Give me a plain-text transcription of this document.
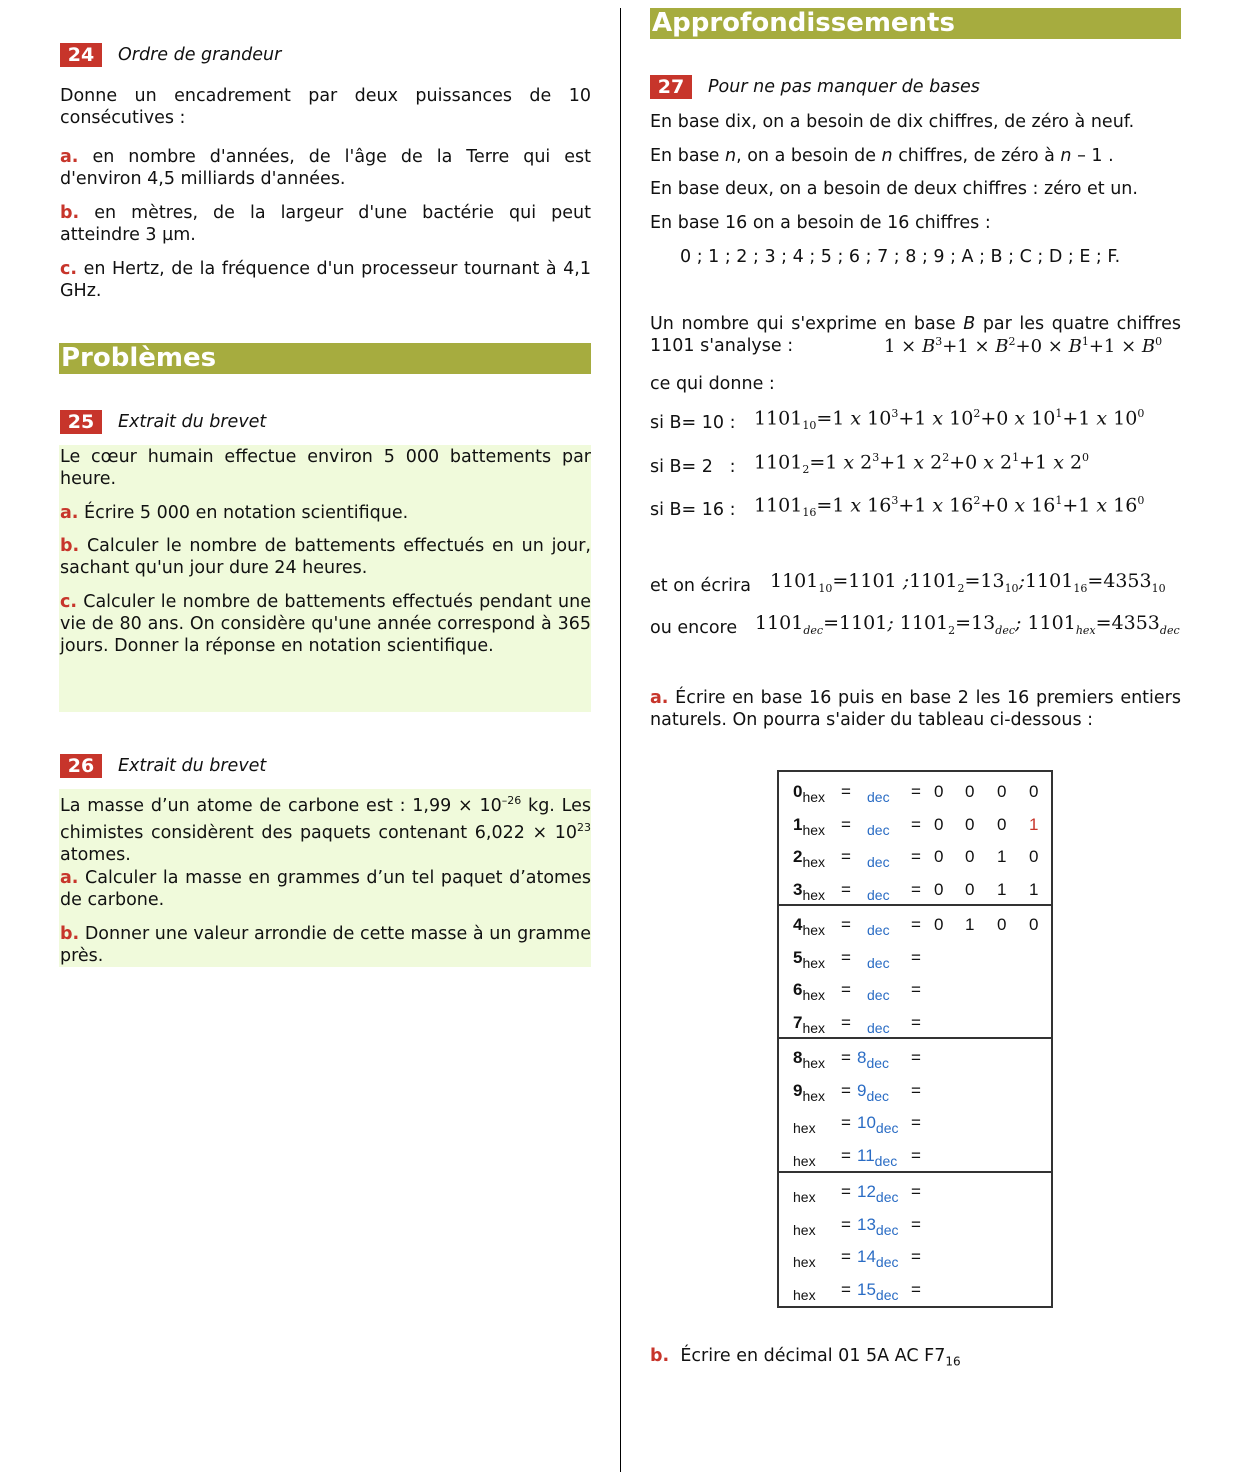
24	Ordre de grandeur
Donne un encadrement par deux puissances de 10 consécutives :
a. en nombre d'années, de l'âge de la Terre qui est d'environ 4,5 milliards d'années.
b. en mètres, de la largeur d'une bactérie qui peut atteindre 3 µm.
c. en Hertz, de la fréquence d'un processeur tournant à 4,1 GHz.
Problèmes
25	Extrait du brevet
Le cœur humain effectue environ 5 000 battements par heure.
a. Écrire 5 000 en notation scientifique.
b. Calculer le nombre de battements effectués en un jour, sachant qu'un jour dure 24 heures.
c. Calculer le nombre de battements effectués pendant une vie de 80 ans. On considère qu'une année correspond à 365 jours. Donner la réponse en notation scientifique.
26	Extrait du brevet
La masse d’un atome de carbone est : $1,99 \times 10^{-26}$ kg. Les chimistes considèrent des paquets contenant $6,022 \times 10^{23}$ atomes.
a. Calculer la masse en grammes d’un tel paquet d’atomes de carbone.
b. Donner une valeur arrondie de cette masse à un gramme près.
Approfondissements
27	Pour ne pas manquer de bases
En base dix, on a besoin de dix chiffres, de zéro à neuf.
En base n, on a besoin de n chiffres, de zéro à n – 1 .
En base deux, on a besoin de deux chiffres : zéro et un.
En base 16 on a besoin de 16 chiffres :
0 ; 1 ; 2 ; 3 ; 4 ; 5 ; 6 ; 7 ; 8 ; 9 ; A ; B ; C ; D ; E ; F.
Un nombre qui s'exprime en base B par les quatre chiffres 1101 s'analyse :	$1 \times B^3+1 \times B^2+0 \times B^1+1 \times B^0$
ce qui donne :
si B= 10 : $1101_{10}=1$ x $10^3+1$ x $10^2+0$ x $10^1+1$ x $10^0$
si B= 2   : $1101_2=1$ x $2^3+1$ x $2^2+0$ x $2^1+1$ x $2^0$
si B= 16 : $1101_{16}=1$ x $16^3+1$ x $16^2+0$ x $16^1+1$ x $16^0$
et on écrira $1101_{10}=1101$ $;1101_2=13_{10};1101_{16}=4353_{10}$
ou encore $1101_{dec}=1101$; $1101_2=13_{dec}$; $1101_{hex}=4353_{dec}$
a. Écrire en base 16 puis en base 2 les 16 premiers entiers naturels. On pourra s'aider du tableau ci-dessous :
$0_{hex} = _{dec} = 0$ 0 0 0
$1_{hex} = _{dec} = 0$ 0 0 1
$2_{hex} = _{dec} = 0$ 0 1 0
$3_{hex} = _{dec} = 0$ 0 1 1
$4_{hex} = _{dec} = 0$ 1 0 0
$5_{hex} = _{dec}$ =
$6_{hex} = _{dec}$ =
$7_{hex} = _{dec}$ =
$8_{hex} = 8_{dec}$ =
$9_{hex} = 9_{dec}$ =
$_{hex} = 10_{dec}$ =
$_{hex} = 11_{dec}$ =
$_{hex} = 12_{dec}$ =
$_{hex} = 13_{dec}$ =
$_{hex} = 14_{dec}$ =
$_{hex} = 15_{dec}$ =
b. Écrire en décimal 01 5A AC $F7_{16}$
